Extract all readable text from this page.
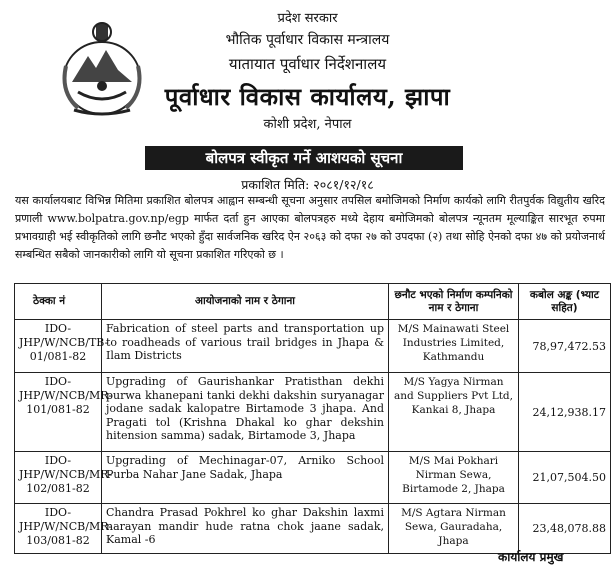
प्रदेश सरकार
भौतिक पूर्वाधार विकास मन्त्रालय
यातायात पूर्वाधार निर्देशनालय
पूर्वाधार विकास कार्यालय, झापा
कोशी प्रदेश, नेपाल
बोलपत्र स्वीकृत गर्ने आशयको सूचना
प्रकाशित मिति: २०८१/१२/१८
यस कार्यालयबाट विभिन्न मितिमा प्रकाशित बोलपत्र आह्वान सम्बन्धी सूचना अनुसार तपसिल बमोजिमको निर्माण कार्यको लागि रीतपुर्वक विद्युतीय खरिद प्रणाली www.bolpatra.gov.np/egp मार्फत दर्ता हुन आएका बोलपत्रहरु मध्ये देहाय बमोजिमको बोलपत्र न्यूनतम मूल्याङ्कित सारभूत रुपमा प्रभावग्राही भई स्वीकृतिको लागि छनौट भएको हुँदा सार्वजनिक खरिद ऐन २०६३ को दफा २७ को उपदफा (२) तथा सोहि ऐनको दफा ४७ को प्रयोजनार्थ सम्बन्धित सबैको जानकारीको लागि यो सूचना प्रकाशित गरिएको छ ।
ठेक्का नं	आयोजनाको नाम र ठेगाना	छनौट भएको निर्माण कम्पनिको नाम र ठेगाना	कबोल अङ्क (भ्याट सहित)
IDO-JHP/W/NCB/TB-01/081-82	Fabrication of steel parts and transportation up to roadheads of various trail bridges in Jhapa & Ilam Districts	M/S Mainawati Steel Industries Limited, Kathmandu	78,97,472.53
IDO-JHP/W/NCB/MR-101/081-82	Upgrading of Gaurishankar Pratisthan dekhi purwa khanepani tanki dekhi dakshin suryanagar jodane sadak kalopatre Birtamode 3 jhapa. And Pragati tol (Krishna Dhakal ko ghar dekshin hitension samma) sadak, Birtamode 3, Jhapa	M/S Yagya Nirman and Suppliers Pvt Ltd, Kankai 8, Jhapa	24,12,938.17
IDO-JHP/W/NCB/MR-102/081-82	Upgrading of Mechinagar-07, Arniko School Purba Nahar Jane Sadak, Jhapa	M/S Mai Pokhari Nirman Sewa, Birtamode 2, Jhapa	21,07,504.50
IDO-JHP/W/NCB/MR-103/081-82	Chandra Prasad Pokhrel ko ghar Dakshin laxmi narayan mandir hude ratna chok jaane sadak, Kamal -6	M/S Agtara Nirman Sewa, Gauradaha, Jhapa	23,48,078.88
कार्यालय प्रमुख
